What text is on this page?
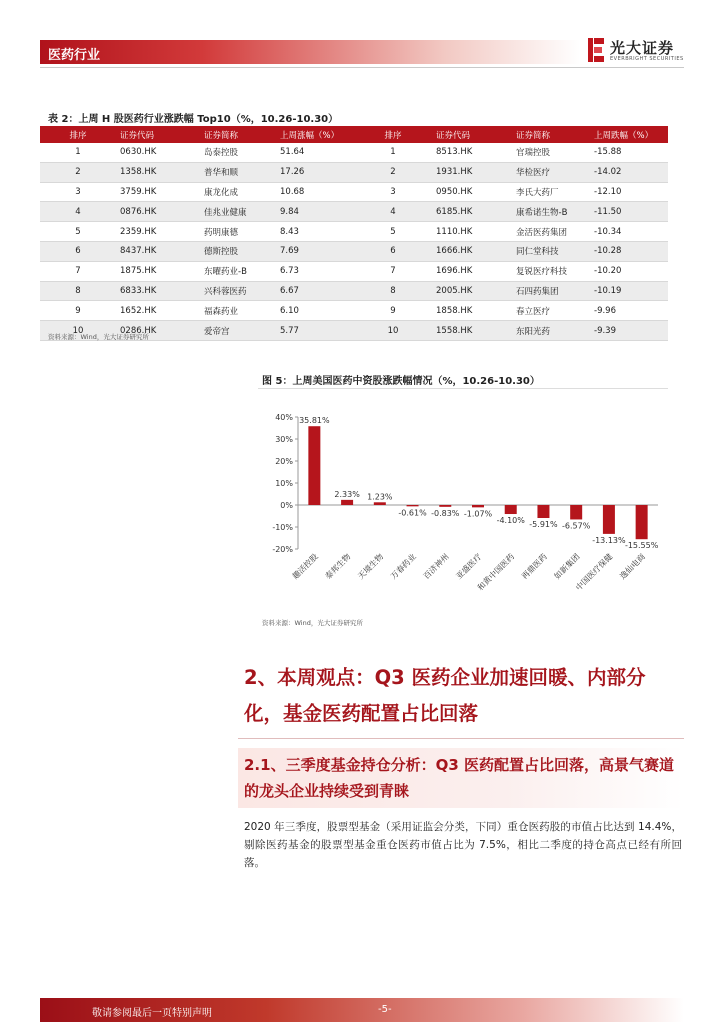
医药行业	光大证券
EVERBRIGHT SECURITIES
表 2：上周 H 股医药行业涨跌幅 Top10（%，10.26-10.30）
排序	证券代码	证券简称	上周涨幅（%）	排序	证券代码	证券简称	上周跌幅（%）
1	0630.HK	岛泰控股	51.64	1	8513.HK	官瑞控股	-15.88
2	1358.HK	普华和顺	17.26	2	1931.HK	华检医疗	-14.02
3	3759.HK	康龙化成	10.68	3	0950.HK	李氏大药厂	-12.10
4	0876.HK	佳兆业健康	9.84	4	6185.HK	康希诺生物-B	-11.50
5	2359.HK	药明康德	8.43	5	1110.HK	金活医药集团	-10.34
6	8437.HK	德斯控股	7.69	6	1666.HK	同仁堂科技	-10.28
7	1875.HK	东曜药业-B	6.73	7	1696.HK	复锐医疗科技	-10.20
8	6833.HK	兴科蓉医药	6.67	8	2005.HK	石四药集团	-10.19
9	1652.HK	福森药业	6.10	9	1858.HK	春立医疗	-9.96
10	0286.HK	爱帝宫	5.77	10	1558.HK	东阳光药	-9.39
资料来源：Wind，光大证券研究所
图 5：上周美国医药中资股涨跌幅情况（%，10.26-10.30）
40%
30%
20%
10%
0%
-10%
-20%
35.81%
趣活控股
2.33%
泰邦生物
1.23%
天境生物
-0.61%
万春药业
-0.83%
百济神州
-1.07%
亚盛医疗
-4.10%
和黄中国医药
-5.91%
再鼎医药
-6.57%
如新集团
-13.13%
中国医疗保健
-15.55%
逸仙电商
资料来源：Wind，光大证券研究所
2、本周观点：Q3 医药企业加速回暖、内部分化，基金医药配置占比回落
2.1、三季度基金持仓分析：Q3 医药配置占比回落，高景气赛道的龙头企业持续受到青睐
2020 年三季度，股票型基金（采用证监会分类，下同）重仓医药股的市值占比达到 14.4%，剔除医药基金的股票型基金重仓医药市值占比为 7.5%，相比二季度的持仓高点已经有所回落。
敬请参阅最后一页特别声明	-5-
